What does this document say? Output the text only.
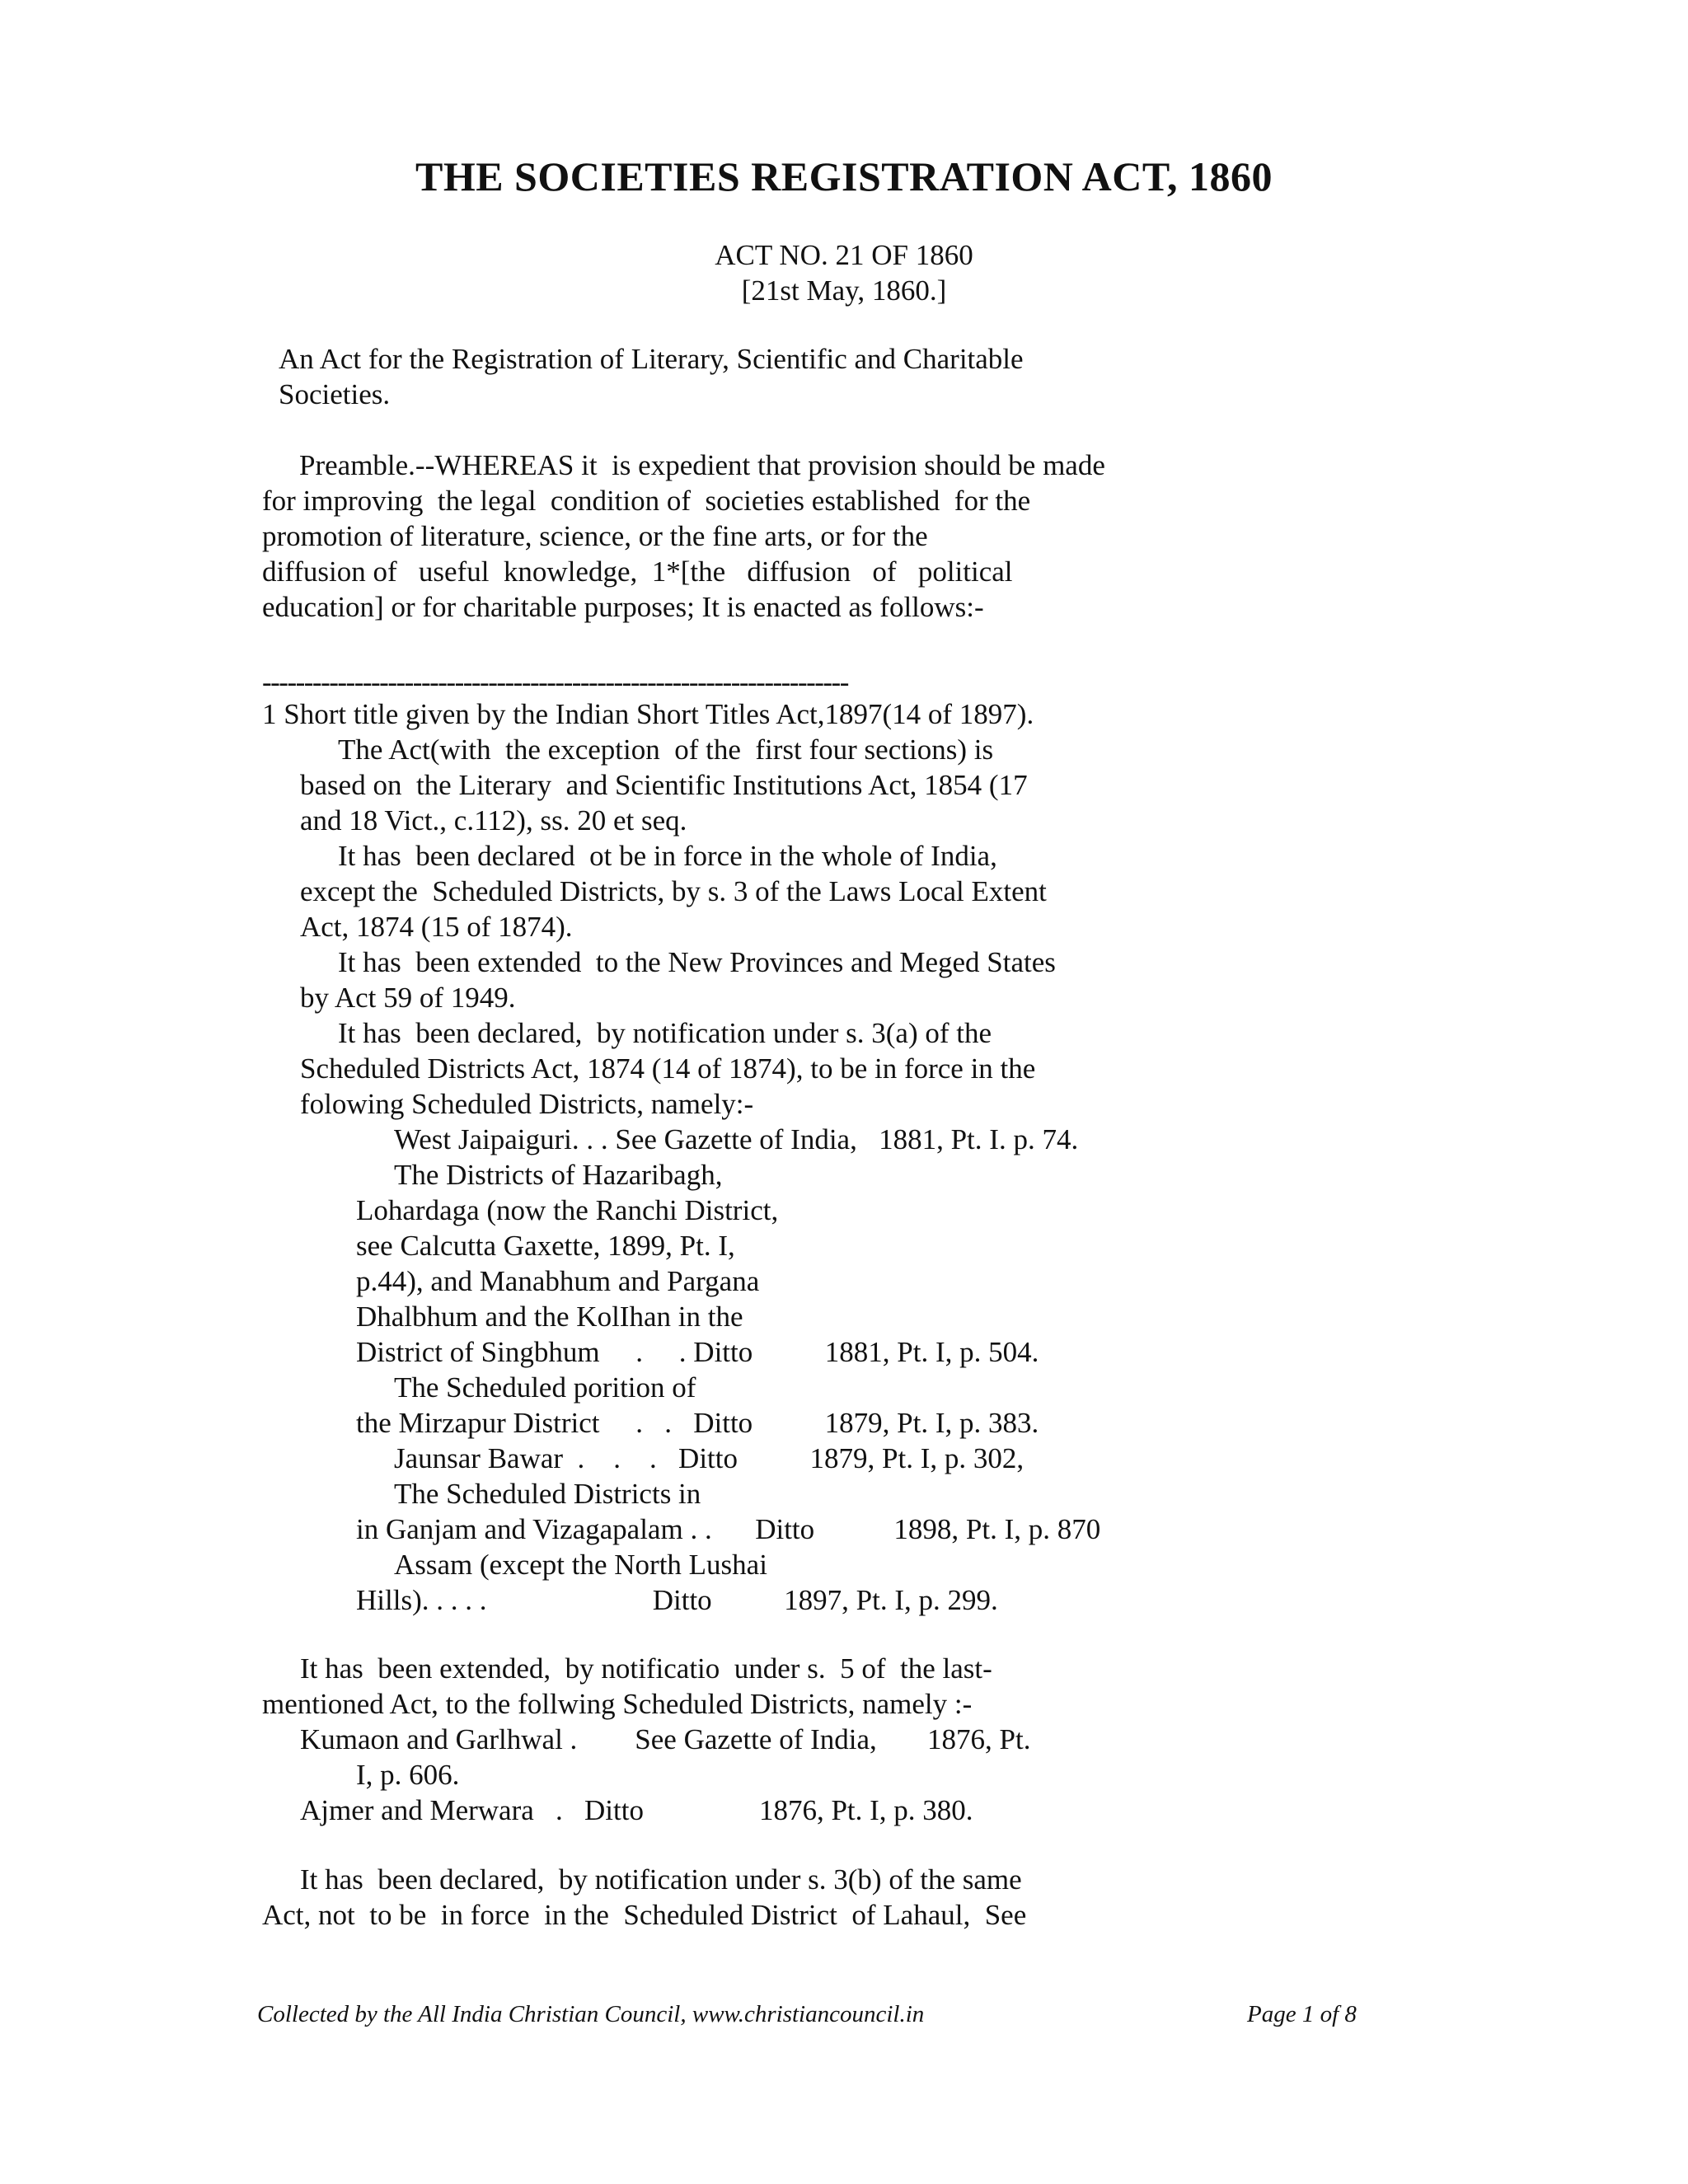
THE SOCIETIES REGISTRATION ACT, 1860
ACT NO. 21 OF 1860
[21st May, 1860.]
An Act for the Registration of Literary, Scientific and Charitable
Societies.
Preamble.--WHEREAS it  is expedient that provision should be made
for improving  the legal  condition of  societies established  for the
promotion of literature, science, or the fine arts, or for the
diffusion of   useful  knowledge,  1*[the   diffusion   of   political
education] or for charitable purposes; It is enacted as follows:-
----------------------------------------------------------------------
1 Short title given by the Indian Short Titles Act,1897(14 of 1897).
The Act(with  the exception  of the  first four sections) is
based on  the Literary  and Scientific Institutions Act, 1854 (17
and 18 Vict., c.112), ss. 20 et seq.
It has  been declared  ot be in force in the whole of India,
except the  Scheduled Districts, by s. 3 of the Laws Local Extent
Act, 1874 (15 of 1874).
It has  been extended  to the New Provinces and Meged States
by Act 59 of 1949.
It has  been declared,  by notification under s. 3(a) of the
Scheduled Districts Act, 1874 (14 of 1874), to be in force in the
folowing Scheduled Districts, namely:-
West Jaipaiguri. . . See Gazette of India,   1881, Pt. I. p. 74.
The Districts of Hazaribagh,
Lohardaga (now the Ranchi District,
see Calcutta Gaxette, 1899, Pt. I,
p.44), and Manabhum and Pargana
Dhalbhum and the KolIhan in the
District of Singbhum     .     . Ditto          1881, Pt. I, p. 504.
The Scheduled porition of
the Mirzapur District     .   .   Ditto          1879, Pt. I, p. 383.
Jaunsar Bawar  .    .    .   Ditto          1879, Pt. I, p. 302,
The Scheduled Districts in
in Ganjam and Vizagapalam . .      Ditto           1898, Pt. I, p. 870
Assam (except the North Lushai
Hills). . . . .                       Ditto          1897, Pt. I, p. 299.
It has  been extended,  by notificatio  under s.  5 of  the last-
mentioned Act, to the follwing Scheduled Districts, namely :-
Kumaon and Garlhwal .        See Gazette of India,       1876, Pt.
I, p. 606.
Ajmer and Merwara   .   Ditto                1876, Pt. I, p. 380.
It has  been declared,  by notification under s. 3(b) of the same
Act, not  to be  in force  in the  Scheduled District  of Lahaul,  See
Collected by the All India Christian Council, www.christiancouncil.in	Page 1 of 8
